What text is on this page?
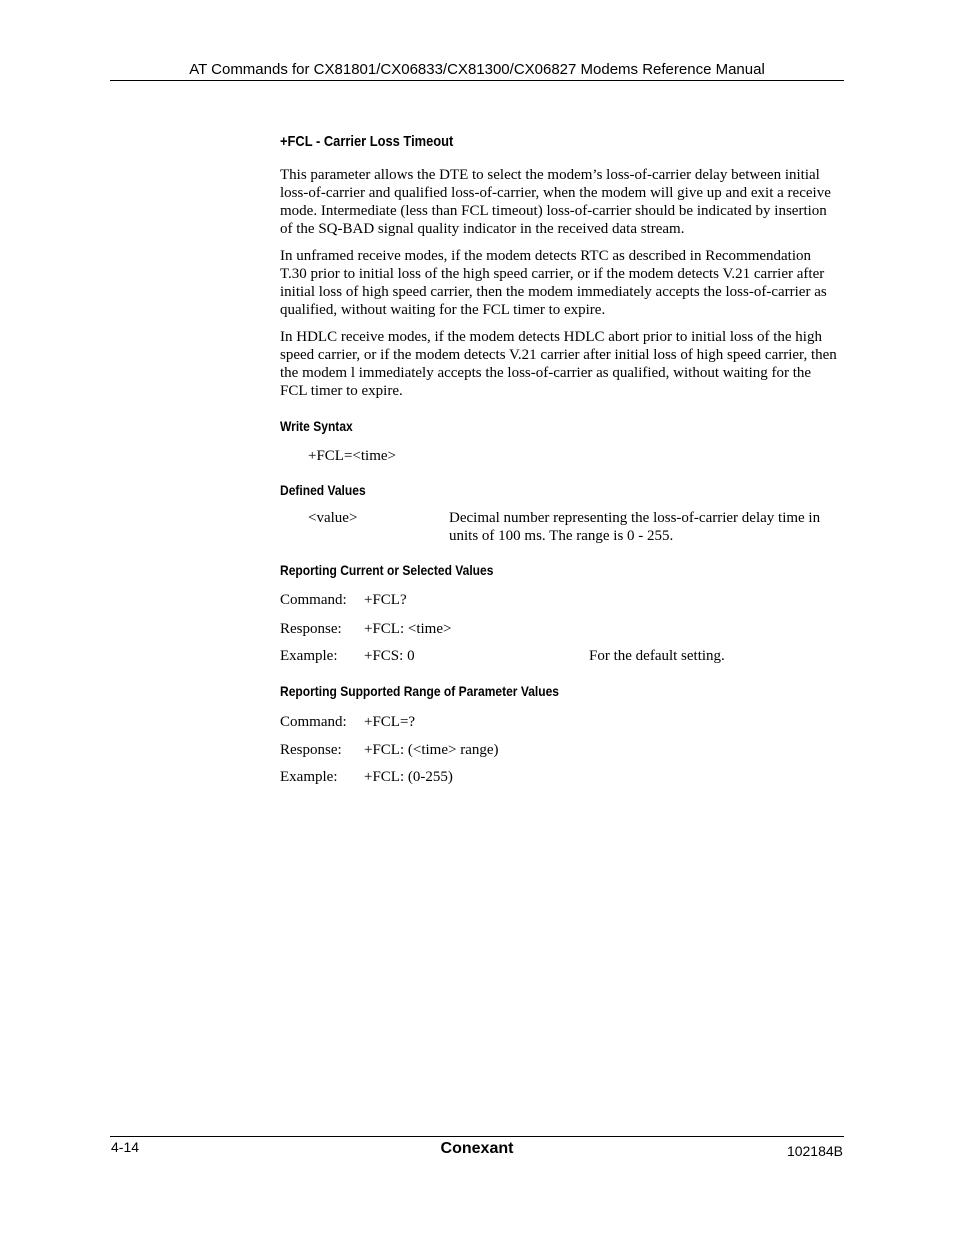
AT Commands for CX81801/CX06833/CX81300/CX06827 Modems Reference Manual
+FCL - Carrier Loss Timeout

This parameter allows the DTE to select the modem’s loss-of-carrier delay between initial loss-of-carrier and qualified loss-of-carrier, when the modem will give up and exit a receive mode. Intermediate (less than FCL timeout) loss-of-carrier should be indicated by insertion of the SQ-BAD signal quality indicator in the received data stream.

In unframed receive modes, if the modem detects RTC as described in Recommendation T.30 prior to initial loss of the high speed carrier, or if the modem detects V.21 carrier after initial loss of high speed carrier, then the modem immediately accepts the loss-of-carrier as qualified, without waiting for the FCL timer to expire.

In HDLC receive modes, if the modem detects HDLC abort prior to initial loss of the high speed carrier, or if the modem detects V.21 carrier after initial loss of high speed carrier, then the modem l immediately accepts the loss-of-carrier as qualified, without waiting for the FCL timer to expire.

Write Syntax
+FCL=<time>
Defined Values
<value>	Decimal number representing the loss-of-carrier delay time in units of 100 ms. The range is 0 - 255.
Reporting Current or Selected Values
Command: +FCL?
Response: +FCL: <time>
Example: +FCS: 0	For the default setting.
Reporting Supported Range of Parameter Values
Command: +FCL=?
Response: +FCL: (<time> range)
Example: +FCL: (0-255)
4-14	Conexant	102184B
